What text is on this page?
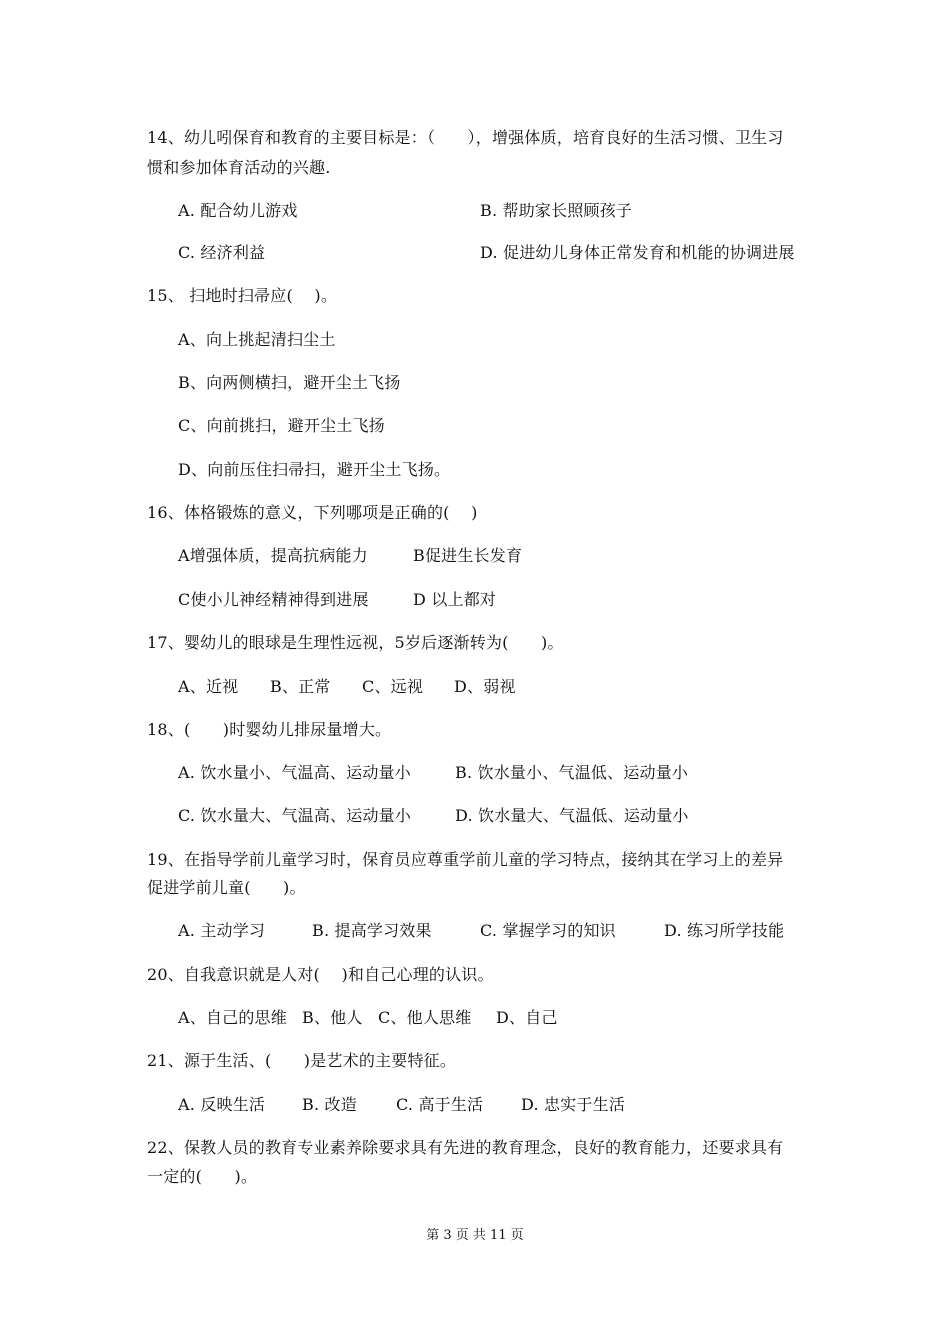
14、幼儿吲保育和教育的主要目标是：（　　），增强体质，培育良好的生活习惯、卫生习
惯和参加体育活动的兴趣.
A. 配合幼儿游戏	B. 帮助家长照顾孩子
C. 经济利益	D. 促进幼儿身体正常发育和机能的协调进展
15、 扫地时扫帚应(　 )。
A、向上挑起清扫尘土
B、向两侧横扫，避开尘土飞扬
C、向前挑扫，避开尘土飞扬
D、向前压住扫帚扫，避开尘土飞扬。
16、体格锻炼的意义，下列哪项是正确的(　 )
A增强体质，提高抗病能力	B促进生长发育
C使小儿神经精神得到进展	D 以上都对
17、婴幼儿的眼球是生理性远视，5岁后逐渐转为(　　)。
A、近视 B、正常 C、远视 D、弱视
18、(　　)时婴幼儿排尿量增大。
A. 饮水量小、气温高、运动量小	B. 饮水量小、气温低、运动量小
C. 饮水量大、气温高、运动量小	D. 饮水量大、气温低、运动量小
19、在指导学前儿童学习时，保育员应尊重学前儿童的学习特点，接纳其在学习上的差异
促进学前儿童(　　)。
A. 主动学习	B. 提高学习效果	C. 掌握学习的知识	D. 练习所学技能
20、自我意识就是人对(　 )和自己心理的认识。
A、自己的思维 B、他人 C、他人思维 D、自己
21、源于生活、(　　)是艺术的主要特征。
A. 反映生活 B. 改造 C. 高于生活 D. 忠实于生活
22、保教人员的教育专业素养除要求具有先进的教育理念，良好的教育能力，还要求具有
一定的(　　)。
第 3 页 共 11 页
